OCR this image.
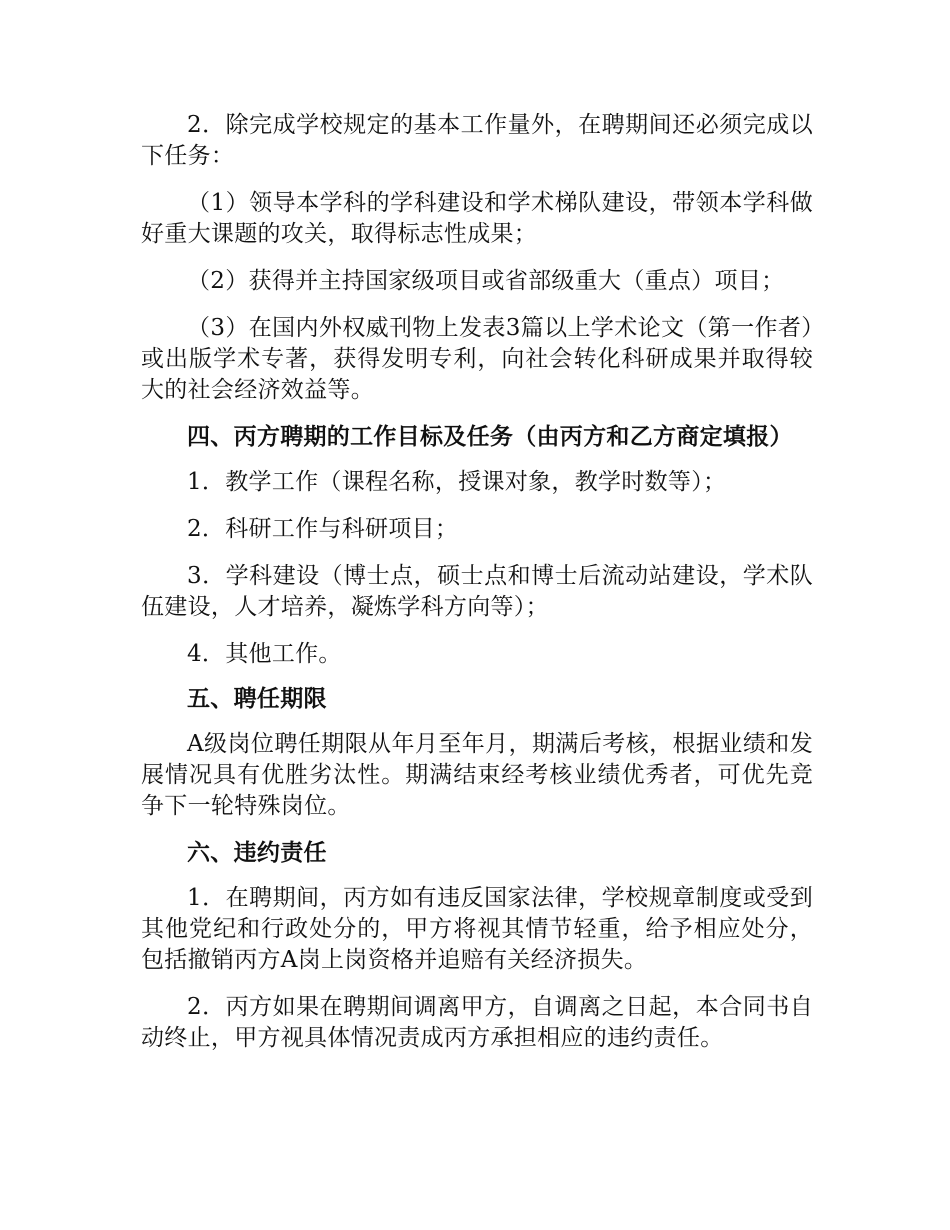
2．除完成学校规定的基本工作量外，在聘期间还必须完成以下任务：

（1）领导本学科的学科建设和学术梯队建设，带领本学科做好重大课题的攻关，取得标志性成果；

（2）获得并主持国家级项目或省部级重大（重点）项目；

（3）在国内外权威刊物上发表3篇以上学术论文（第一作者）或出版学术专著，获得发明专利，向社会转化科研成果并取得较大的社会经济效益等。

四、丙方聘期的工作目标及任务（由丙方和乙方商定填报）

1．教学工作（课程名称，授课对象，教学时数等）；

2．科研工作与科研项目；

3．学科建设（博士点，硕士点和博士后流动站建设，学术队伍建设，人才培养，凝炼学科方向等）；

4．其他工作。

五、聘任期限

A级岗位聘任期限从年月至年月，期满后考核，根据业绩和发展情况具有优胜劣汰性。期满结束经考核业绩优秀者，可优先竞争下一轮特殊岗位。

六、违约责任

1．在聘期间，丙方如有违反国家法律，学校规章制度或受到其他党纪和行政处分的，甲方将视其情节轻重，给予相应处分，包括撤销丙方A岗上岗资格并追赔有关经济损失。

2．丙方如果在聘期间调离甲方，自调离之日起，本合同书自动终止，甲方视具体情况责成丙方承担相应的违约责任。
